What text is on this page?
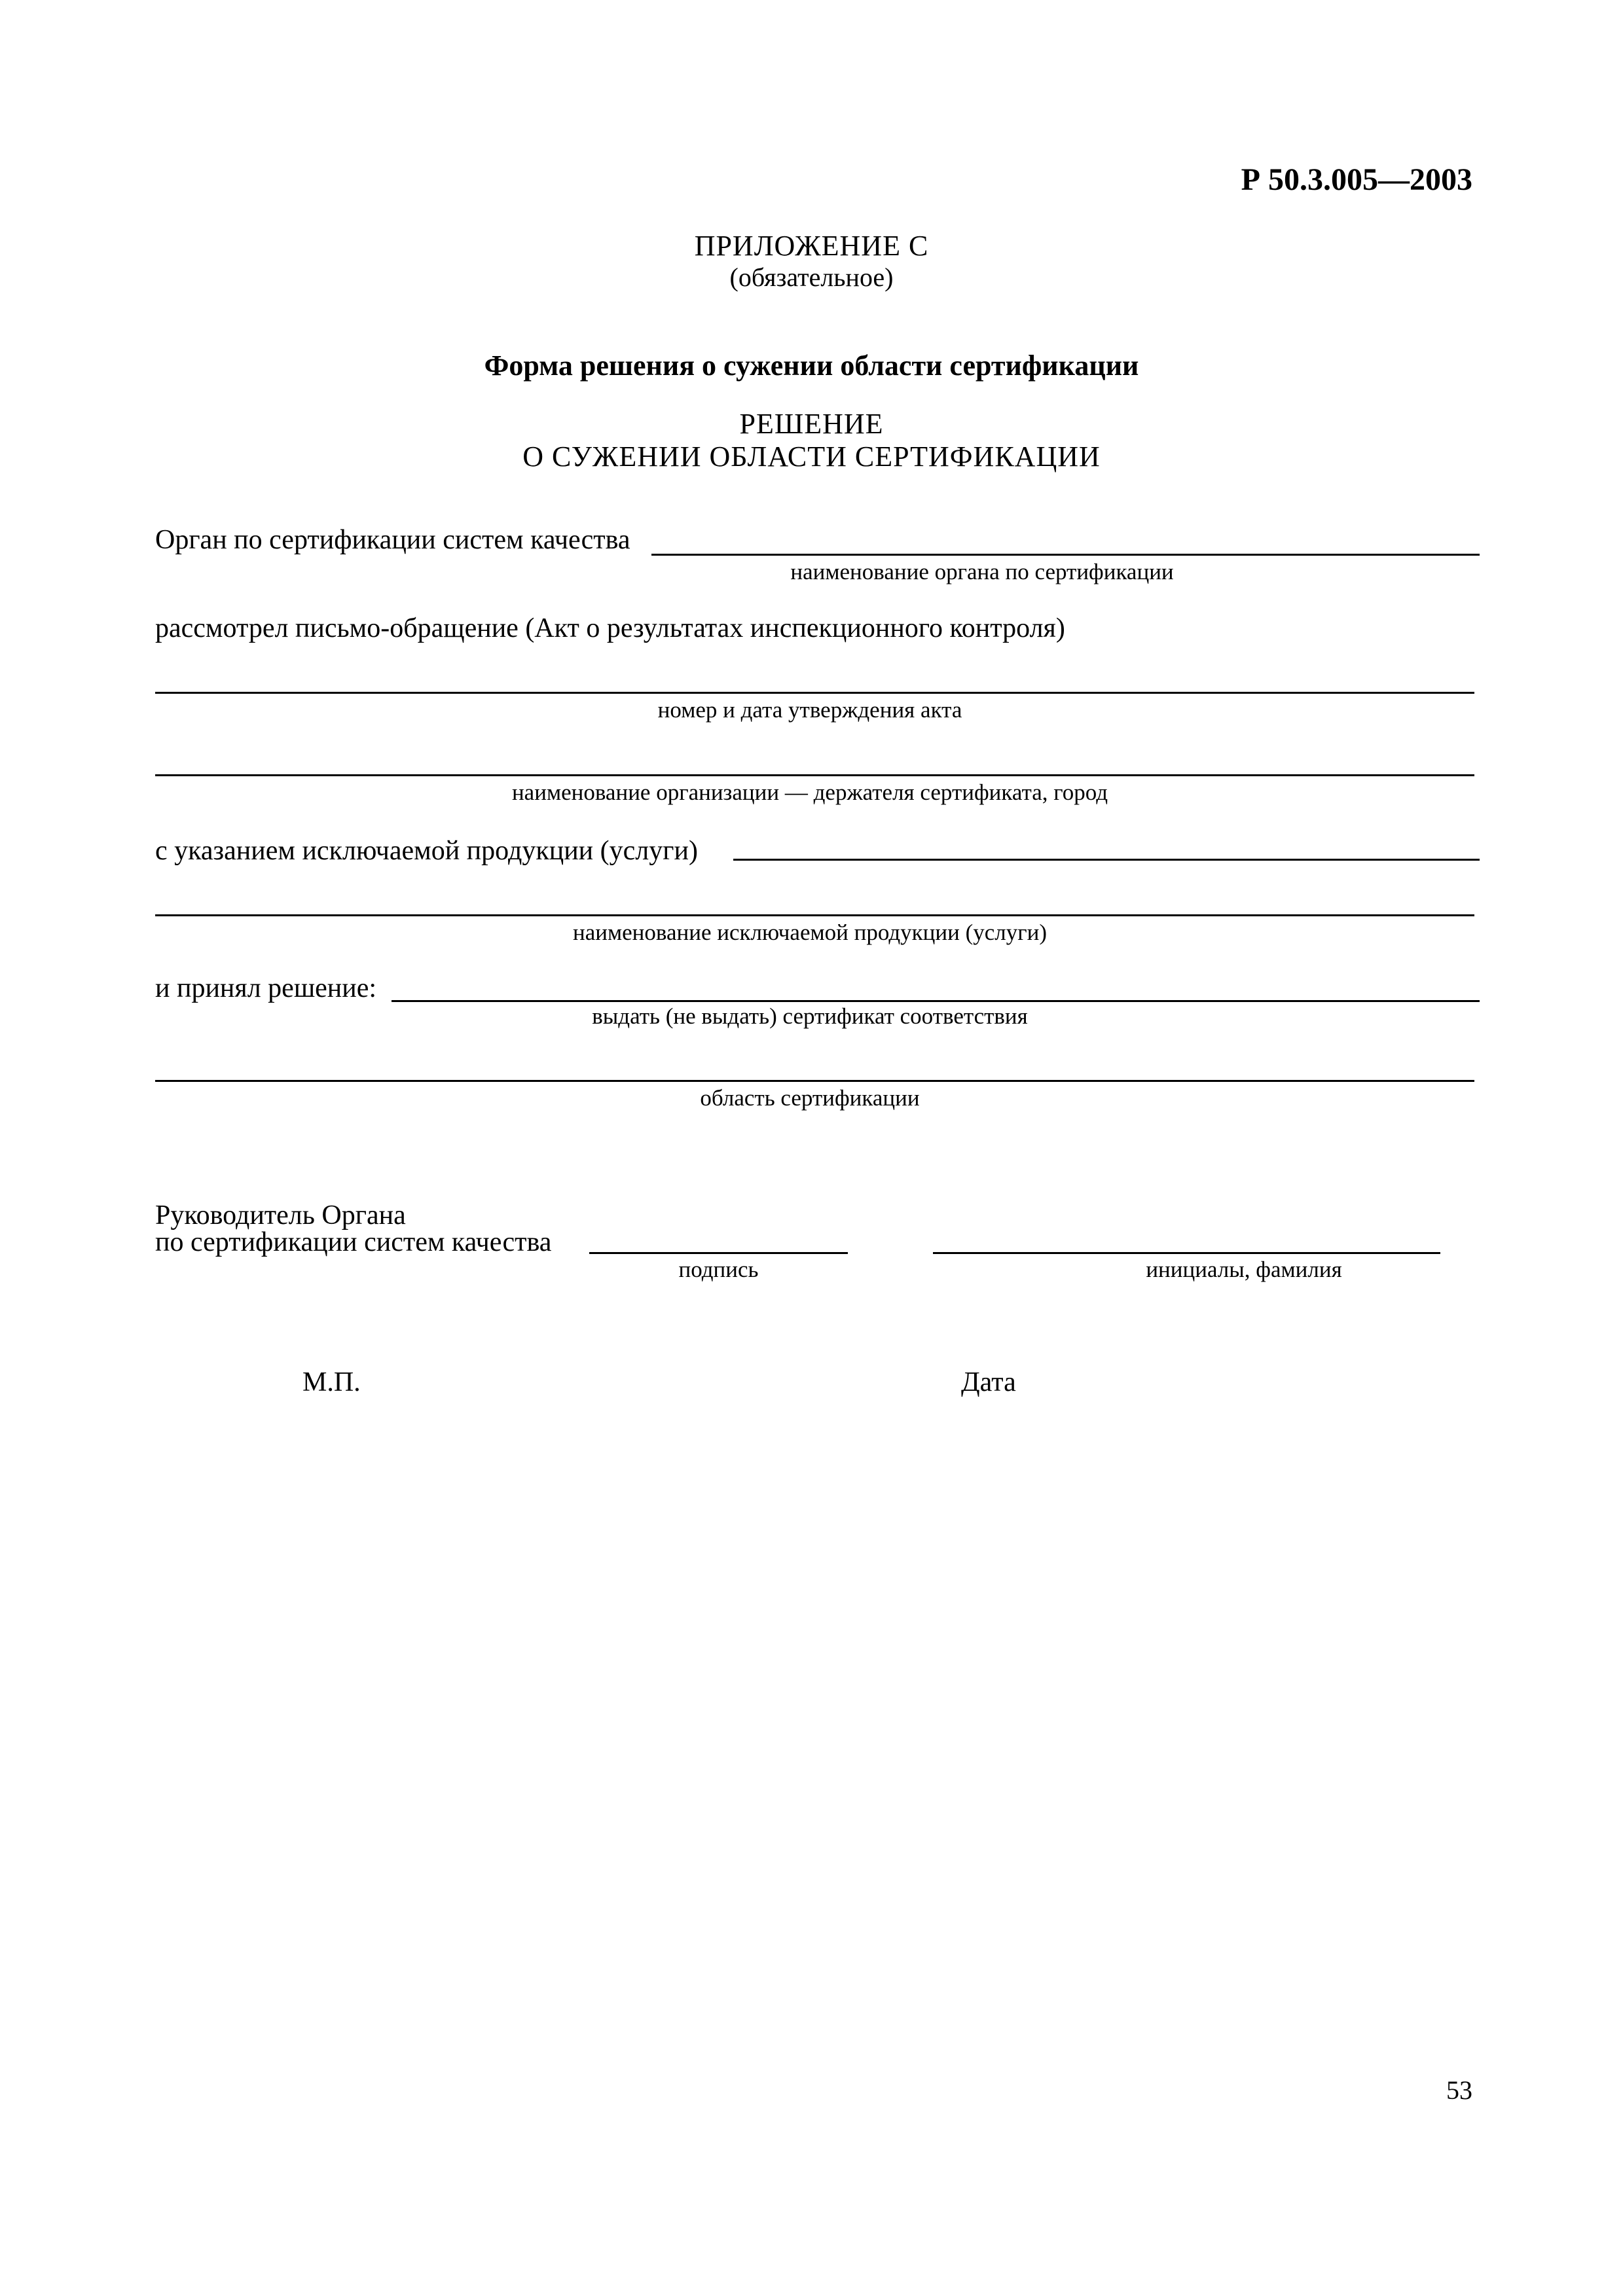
Р 50.3.005—2003
ПРИЛОЖЕНИЕ С
(обязательное)
Форма решения о сужении области сертификации
РЕШЕНИЕ
О СУЖЕНИИ ОБЛАСТИ СЕРТИФИКАЦИИ
Орган по сертификации систем качества
наименование органа по сертификации
рассмотрел письмо-обращение (Акт о результатах инспекционного контроля)
номер и дата утверждения акта
наименование организации — держателя сертификата, город
с указанием исключаемой продукции (услуги)
наименование исключаемой продукции (услуги)
и принял решение:
выдать (не выдать) сертификат соответствия
область сертификации
Руководитель Органа
по сертификации систем качества
подпись	инициалы, фамилия
М.П.	Дата
53
